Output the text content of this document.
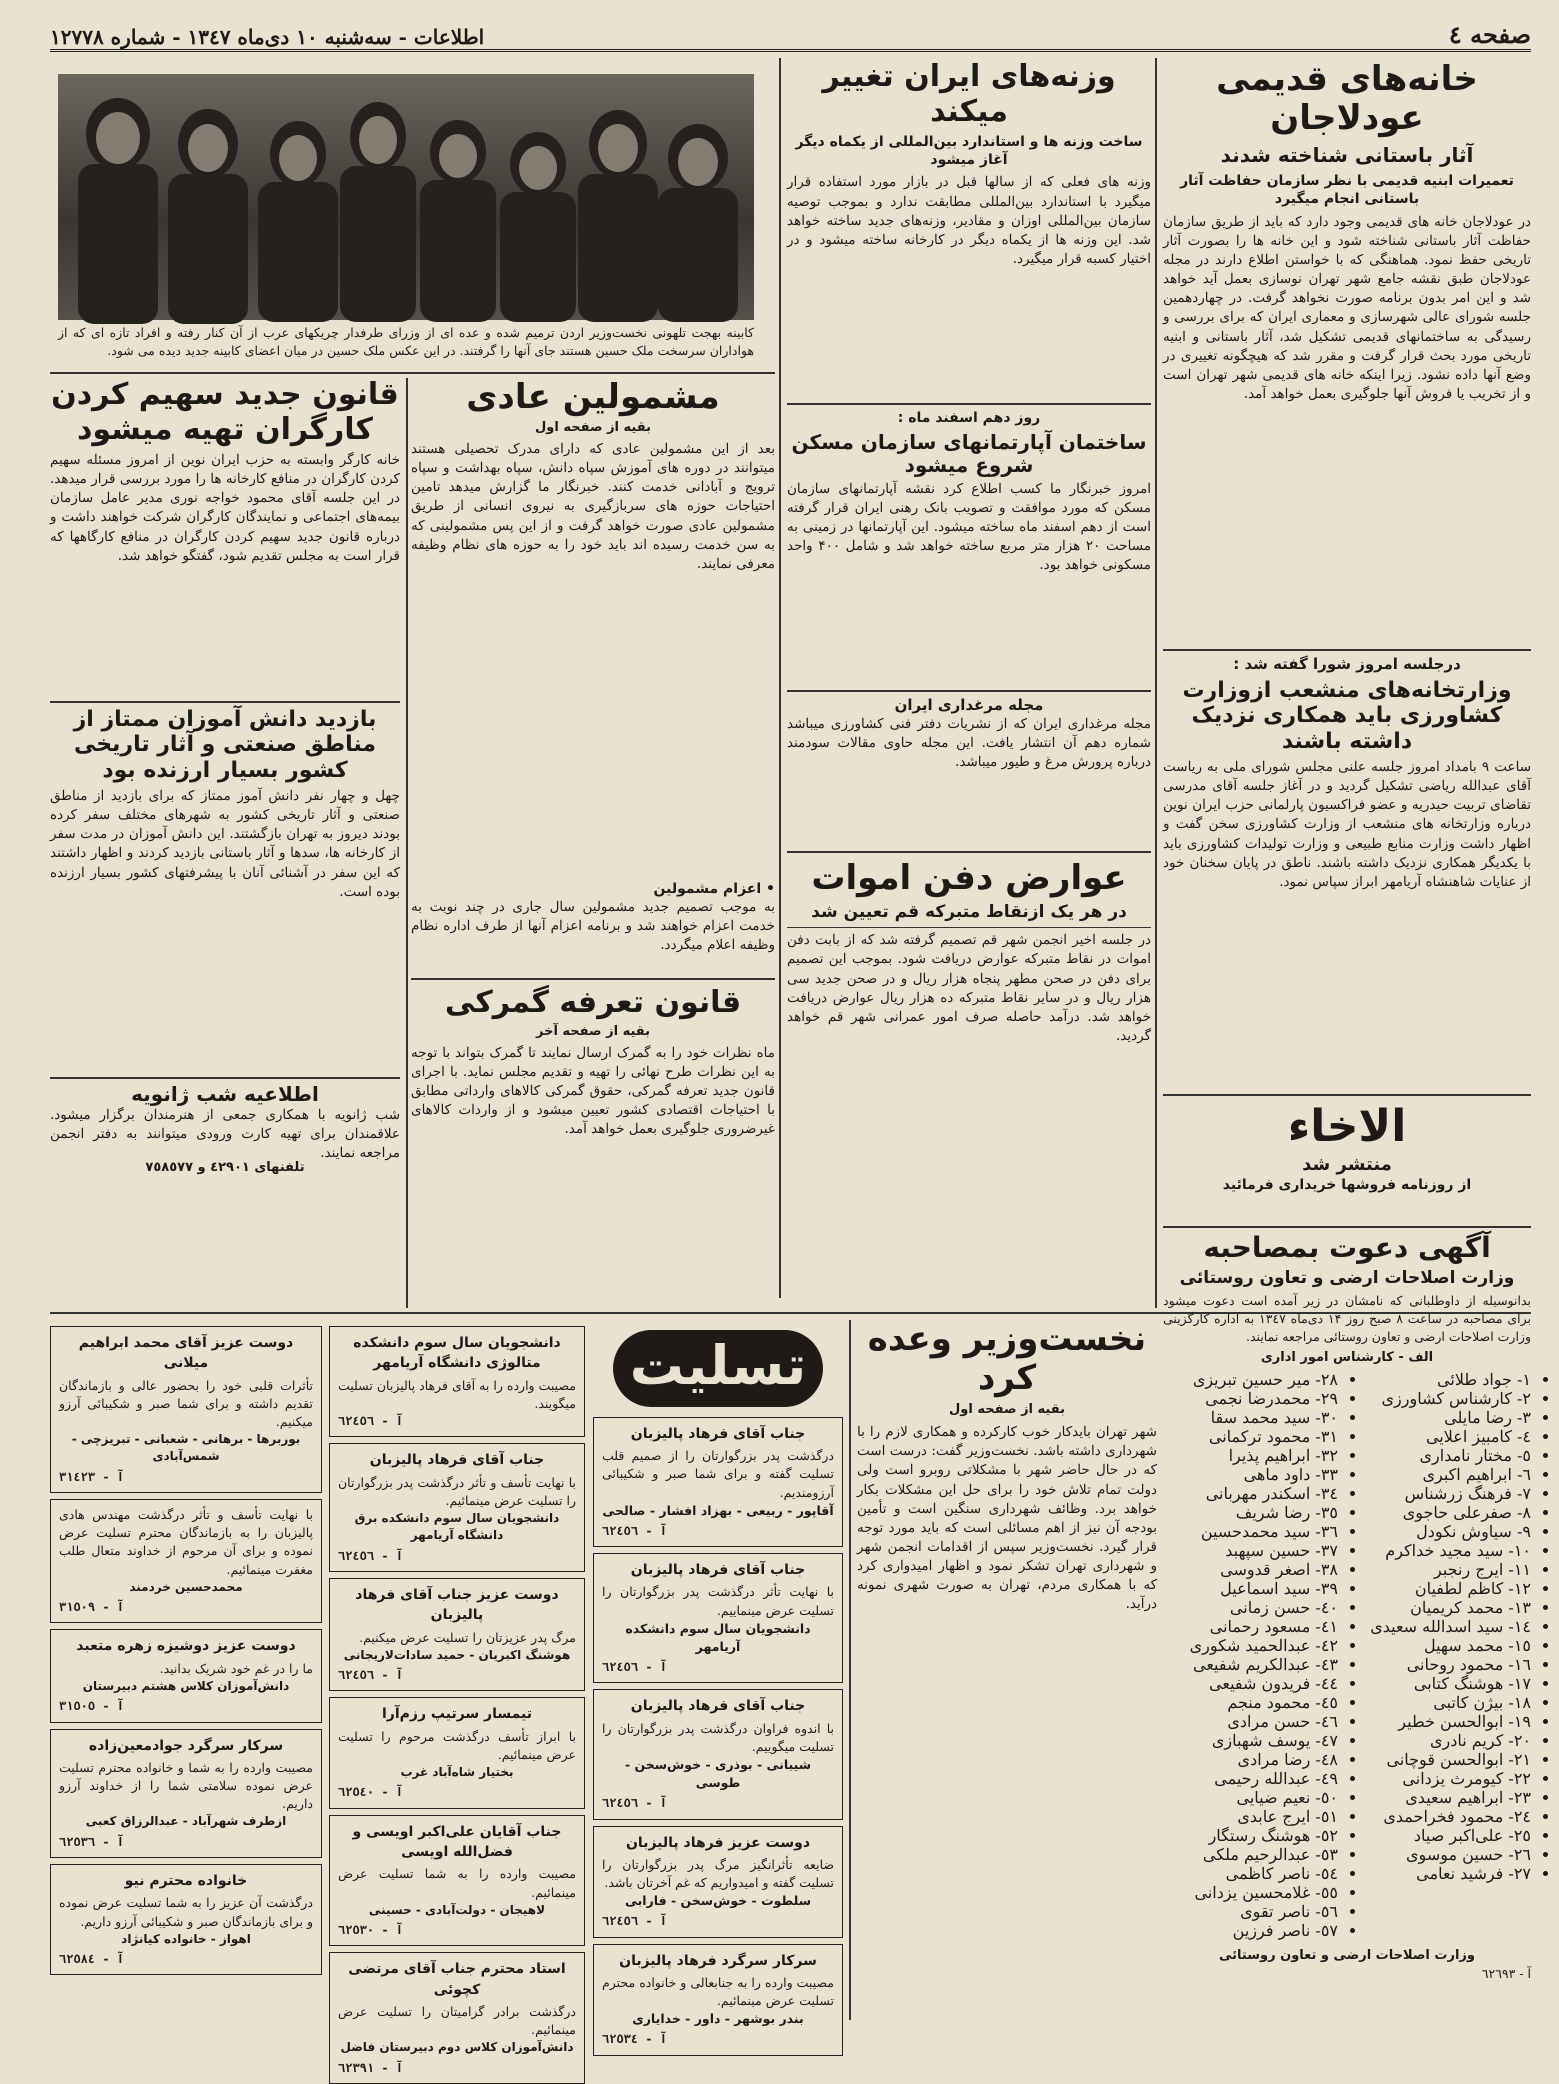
صفحه ٤
اطلاعات - سه‌شنبه ١٠ دی‌ماه ١٣٤٧ - شماره ١٢٧٧٨
خانه‌های قدیمی عودلاجان
آثار باستانی شناخته شدند
تعمیرات ابنیه قدیمی با نظر سازمان حفاظت آثار باستانی انجام میگیرد
در عودلاجان خانه های قدیمی وجود دارد که باید از طریق سازمان حفاظت آثار باستانی شناخته شود و این خانه ها را بصورت آثار تاریخی حفظ نمود. هماهنگی که با خواستن اطلاع دارند در مجله عودلاجان طبق نقشه جامع شهر تهران نوسازی بعمل آید خواهد شد و این امر بدون برنامه صورت نخواهد گرفت. در چهاردهمین جلسه شورای عالی شهرسازی و معماری ایران که برای بررسی و رسیدگی به ساختمانهای قدیمی تشکیل شد، آثار باستانی و ابنیه تاریخی مورد بحث قرار گرفت و مقرر شد که هیچگونه تغییری در وضع آنها داده نشود. زیرا اینکه خانه های قدیمی شهر تهران است و از تخریب یا فروش آنها جلوگیری بعمل خواهد آمد.
درجلسه امروز شورا گفته شد :
وزارتخانه‌های منشعب ازوزارت کشاورزی باید همکاری نزدیک داشته باشند
ساعت ۹ بامداد امروز جلسه علنی مجلس شورای ملی به ریاست آقای عبدالله ریاضی تشکیل گردید و در آغاز جلسه آقای مدرسی تقاضای تربیت حیدریه و عضو فراکسیون پارلمانی حزب ایران نوین درباره وزارتخانه های منشعب از وزارت کشاورزی سخن گفت و اظهار داشت وزارت منابع طبیعی و وزارت تولیدات کشاورزی باید با یکدیگر همکاری نزدیک داشته باشند. ناطق در پایان سخنان خود از عنایات شاهنشاه آریامهر ابراز سپاس نمود.
الاخاء
منتشر شد
از روزنامه فروشها خریداری فرمائید
آگهی دعوت بمصاحبه
وزارت اصلاحات ارضی و تعاون روستائی
بدانوسیله از داوطلبانی که نامشان در زیر آمده است دعوت میشود برای مصاحبه در ساعت ۸ صبح روز ۱۴ دی‌ماه ١٣٤٧ به اداره کارگزینی وزارت اصلاحات ارضی و تعاون روستائی مراجعه نمایند.
الف - کارشناس امور اداری
• ١- جواد طلائی
• ٢- کارشناس کشاورزی
• ٣- رضا مایلی
• ٤- کامبیز اعلایی
• ٥- مختار نامداری
• ٦- ابراهیم اکبری
• ٧- فرهنگ زرشناس
• ٨- صفرعلی حاجوی
• ٩- سیاوش نکودل
• ١٠- سید مجید خداکرم
• ١١- ایرج رنجبر
• ١٢- کاظم لطفیان
• ١٣- محمد کریمیان
• ١٤- سید اسدالله سعیدی
• ١٥- محمد سهیل
• ١٦- محمود روحانی
• ١٧- هوشنگ کتابی
• ١٨- بیژن کاتبی
• ١٩- ابوالحسن خطیر
• ٢٠- کریم نادری
• ٢١- ابوالحسن قوچانی
• ٢٢- کیومرث یزدانی
• ٢٣- ابراهیم سعیدی
• ٢٤- محمود فخراحمدی
• ٢٥- علی‌اکبر صیاد
• ٢٦- حسین موسوی
• ٢٧- فرشید نعامی
• ٢٨- میر حسین تبریزی
• ٢٩- محمدرضا نجمی
• ٣٠- سید محمد سقا
• ٣١- محمود ترکمانی
• ٣٢- ابراهیم پذیرا
• ٣٣- داود ماهی
• ٣٤- اسکندر مهربانی
• ٣٥- رضا شریف
• ٣٦- سید محمدحسین
• ٣٧- حسین سپهبد
• ٣٨- اصغر قدوسی
• ٣٩- سید اسماعیل
• ٤٠- حسن زمانی
• ٤١- مسعود رحمانی
• ٤٢- عبدالحمید شکوری
• ٤٣- عبدالکریم شفیعی
• ٤٤- فریدون شفیعی
• ٤٥- محمود منجم
• ٤٦- حسن مرادی
• ٤٧- یوسف شهبازی
• ٤٨- رضا مرادی
• ٤٩- عبدالله رحیمی
• ٥٠- نعیم ضیایی
• ٥١- ایرج عابدی
• ٥٢- هوشنگ رستگار
• ٥٣- عبدالرحیم ملکی
• ٥٤- ناصر کاظمی
• ٥٥- غلامحسین یزدانی
• ٥٦- ناصر تقوی
• ٥٧- ناصر فرزین
وزارت اصلاحات ارضی و تعاون روستائی
آ - ٦٢٦٩٣
وزنه‌های ایران تغییر میکند
ساخت وزنه ها و استاندارد بین‌المللی از یکماه دیگر آغاز میشود
وزنه های فعلی که از سالها قبل در بازار مورد استفاده قرار میگیرد با استاندارد بین‌المللی مطابقت ندارد و بموجب توصیه سازمان بین‌المللی اوزان و مقادیر، وزنه‌های جدید ساخته خواهد شد. این وزنه ها از یکماه دیگر در کارخانه ساخته میشود و در اختیار کسبه قرار میگیرد.
روز دهم اسفند ماه :
ساختمان آپارتمانهای سازمان مسکن شروع میشود
امروز خبرنگار ما کسب اطلاع کرد نقشه آپارتمانهای سازمان مسکن که مورد موافقت و تصویب بانک رهنی ایران قرار گرفته است از دهم اسفند ماه ساخته میشود. این آپارتمانها در زمینی به مساحت ۲۰ هزار متر مربع ساخته خواهد شد و شامل ۴۰۰ واحد مسکونی خواهد بود.
مجله مرغداری ایران
مجله مرغداری ایران که از نشریات دفتر فنی کشاورزی میباشد شماره دهم آن انتشار یافت. این مجله حاوی مقالات سودمند درباره پرورش مرغ و طیور میباشد.
عوارض دفن اموات
در هر یک ازنقاط متبرکه قم تعیین شد
در جلسه اخیر انجمن شهر قم تصمیم گرفته شد که از بابت دفن اموات در نقاط متبرکه عوارض دریافت شود. بموجب این تصمیم برای دفن در صحن مطهر پنجاه هزار ریال و در صحن جدید سی هزار ریال و در سایر نقاط متبرکه ده هزار ریال عوارض دریافت خواهد شد. درآمد حاصله صرف امور عمرانی شهر قم خواهد گردید.
کابینه بهجت تلهونی نخست‌وزیر اردن ترمیم شده و عده ای از وزرای طرفدار چریکهای عرب از آن کنار رفته و افراد تازه ای که از هواداران سرسخت ملک حسین هستند جای آنها را گرفتند. در این عکس ملک حسین در میان اعضای کابینه جدید دیده می شود.
مشمولین عادی
بقیه از صفحه اول
بعد از این مشمولین عادی که دارای مدرک تحصیلی هستند میتوانند در دوره های آموزش سپاه دانش، سپاه بهداشت و سپاه ترویج و آبادانی خدمت کنند. خبرنگار ما گزارش میدهد تامین احتیاجات حوزه های سربازگیری به نیروی انسانی از طریق مشمولین عادی صورت خواهد گرفت و از این پس مشمولینی که به سن خدمت رسیده اند باید خود را به حوزه های نظام وظیفه معرفی نمایند.
• اعزام مشمولین
به موجب تصمیم جدید مشمولین سال جاری در چند نوبت به خدمت اعزام خواهند شد و برنامه اعزام آنها از طرف اداره نظام وظیفه اعلام میگردد.
قانون تعرفه گمرکی
بقیه از صفحه آخر
ماه نظرات خود را به گمرک ارسال نمایند تا گمرک بتواند با توجه به این نظرات طرح نهائی را تهیه و تقدیم مجلس نماید. با اجرای قانون جدید تعرفه گمرکی، حقوق گمرکی کالاهای وارداتی مطابق با احتیاجات اقتصادی کشور تعیین میشود و از واردات کالاهای غیرضروری جلوگیری بعمل خواهد آمد.
قانون جدید سهیم کردن کارگران تهیه میشود
خانه کارگر وابسته به حزب ایران نوین از امروز مسئله سهیم کردن کارگران در منافع کارخانه ها را مورد بررسی قرار میدهد. در این جلسه آقای محمود خواجه نوری مدیر عامل سازمان بیمه‌های اجتماعی و نمایندگان کارگران شرکت خواهند داشت و درباره قانون جدید سهیم کردن کارگران در منافع کارگاهها که قرار است به مجلس تقدیم شود، گفتگو خواهد شد.
بازدید دانش آموزان ممتاز از مناطق صنعتی و آثار تاریخی کشور بسیار ارزنده بود
چهل و چهار نفر دانش آموز ممتاز که برای بازدید از مناطق صنعتی و آثار تاریخی کشور به شهرهای مختلف سفر کرده بودند دیروز به تهران بازگشتند. این دانش آموزان در مدت سفر از کارخانه ها، سدها و آثار باستانی بازدید کردند و اظهار داشتند که این سفر در آشنائی آنان با پیشرفتهای کشور بسیار ارزنده بوده است.
اطلاعیه شب ژانویه
شب ژانویه با همکاری جمعی از هنرمندان برگزار میشود. علاقمندان برای تهیه کارت ورودی میتوانند به دفتر انجمن مراجعه نمایند.
تلفنهای ٤٢٩٠١ و ٧٥٨٥٧٧
نخست‌وزیر وعده کرد
بقیه از صفحه اول
شهر تهران بایدکار خوب کارکرده و همکاری لازم را با شهرداری داشته باشد. نخست‌وزیر گفت: درست است که در حال حاضر شهر با مشکلاتی روبرو است ولی دولت تمام تلاش خود را برای حل این مشکلات بکار خواهد برد. وظائف شهرداری سنگین است و تأمین بودجه آن نیز از اهم مسائلی است که باید مورد توجه قرار گیرد. نخست‌وزیر سپس از اقدامات انجمن شهر و شهرداری تهران تشکر نمود و اظهار امیدواری کرد که با همکاری مردم، تهران به صورت شهری نمونه درآید.
تسلیت
جناب آقای فرهاد پالیزبان
درگذشت پدر بزرگوارتان را از صمیم قلب تسلیت گفته و برای شما صبر و شکیبائی آرزومندیم.
آقاپور - ربیعی - بهزاد افشار - صالحی
آ - ٦٢٤٥٦
جناب آقای فرهاد پالیزبان
با نهایت تأثر درگذشت پدر بزرگوارتان را تسلیت عرض مینماییم.
دانشجویان سال سوم دانشکده آریامهر
آ - ٦٢٤٥٦
جناب آقای فرهاد پالیزبان
با اندوه فراوان درگذشت پدر بزرگوارتان را تسلیت میگوییم.
شیبانی - بوذری - خوش‌سخن - طوسی
آ - ٦٢٤٥٦
دوست عزیز فرهاد پالیزبان
ضایعه تأثرانگیز مرگ پدر بزرگوارتان را تسلیت گفته و امیدواریم که غم آخرتان باشد.
سلطوت - خوش‌سخن - فارابی
آ - ٦٢٤٥٦
سرکار سرگرد فرهاد پالیزبان
مصیبت وارده را به جنابعالی و خانواده محترم تسلیت عرض مینمائیم.
بندر بوشهر - داور - خدایاری
آ - ٦٢٥٣٤
دانشجویان سال سوم دانشکده متالوژی دانشگاه آریامهر
مصیبت وارده را به آقای فرهاد پالیزبان تسلیت میگویند.
آ - ٦٢٤٥٦
جناب آقای فرهاد پالیزبان
با نهایت تأسف و تأثر درگذشت پدر بزرگوارتان را تسلیت عرض مینمائیم.
دانشجویان سال سوم دانشکده برق دانشگاه آریامهر
آ - ٦٢٤٥٦
دوست عزیز جناب آقای فرهاد پالیزبان
مرگ پدر عزیزتان را تسلیت عرض میکنیم.
هوشنگ اکبریان - حمید سادات‌لاریجانی
آ - ٦٢٤٥٦
تیمسار سرتیپ رزم‌آرا
با ابراز تأسف درگذشت مرحوم را تسلیت عرض مینمائیم.
بختیار شاه‌آباد غرب
آ - ٦٢٥٤٠
جناب آقایان علی‌اکبر اویسی و فضل‌الله اویسی
مصیبت وارده را به شما تسلیت عرض مینمائیم.
لاهیجان - دولت‌آبادی - حسینی
آ - ٦٢٥٣٠
استاد محترم جناب آقای مرتضی کچوئی
درگذشت برادر گرامیتان را تسلیت عرض مینمائیم.
دانش‌آموزان کلاس دوم دبیرستان فاضل
آ - ٦٢٣٩١
دوست عزیز آقای محمد ابراهیم میلانی
تأثرات قلبی خود را بحضور عالی و بازماندگان تقدیم داشته و برای شما صبر و شکیبائی آرزو میکنیم.
بوربرها - برهانی - شعبانی - تبریزچی - شمس‌آبادی
آ - ٣١٤٢٣
با نهایت تأسف و تأثر درگذشت مهندس هادی پالیزبان را به بازماندگان محترم تسلیت عرض نموده و برای آن مرحوم از خداوند متعال طلب مغفرت مینمائیم.
محمدحسین خردمند
آ - ٣١٥٠٩
دوست عزیز دوشیزه زهره متعبد
ما را در غم خود شریک بدانید.
دانش‌آموزان کلاس هشتم دبیرستان
آ - ٣١٥٠٥
سرکار سرگرد جوادمعین‌زاده
مصیبت وارده را به شما و خانواده محترم تسلیت عرض نموده سلامتی شما را از خداوند آرزو داریم.
ازطرف شهرآباد - عبدالرزاق کعبی
آ - ٦٢٥٣٦
خانواده محترم نیو
درگذشت آن عزیز را به شما تسلیت عرض نموده و برای بازماندگان صبر و شکیبائی آرزو داریم.
اهواز - خانواده کیانژاد
آ - ٦٢٥٨٤
